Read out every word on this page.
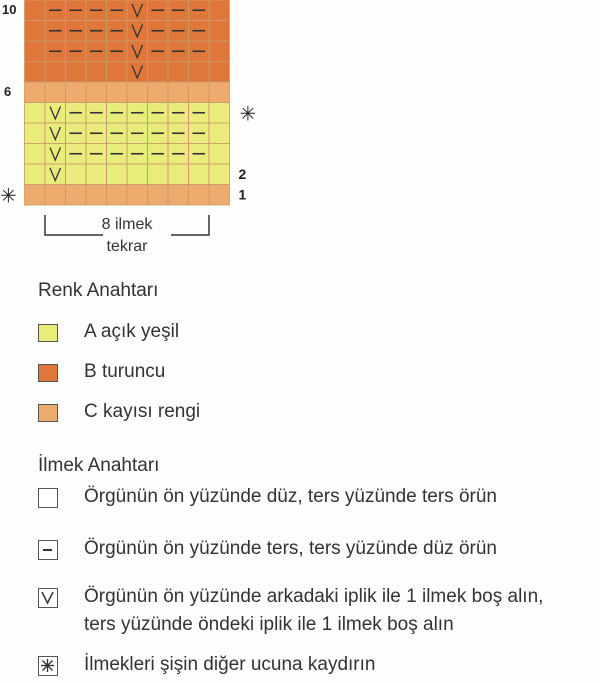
10
6
2
1
✳
✳
8 ilmek
tekrar
Renk Anahtarı
A açık yeşil
B turuncu
C kayısı rengi
İlmek Anahtarı
Örgünün ön yüzünde düz, ters yüzünde ters örün
Örgünün ön yüzünde ters, ters yüzünde düz örün
Örgünün ön yüzünde arkadaki iplik ile 1 ilmek boş alın,
ters yüzünde öndeki iplik ile 1 ilmek boş alın
İlmekleri şişin diğer ucuna kaydırın
